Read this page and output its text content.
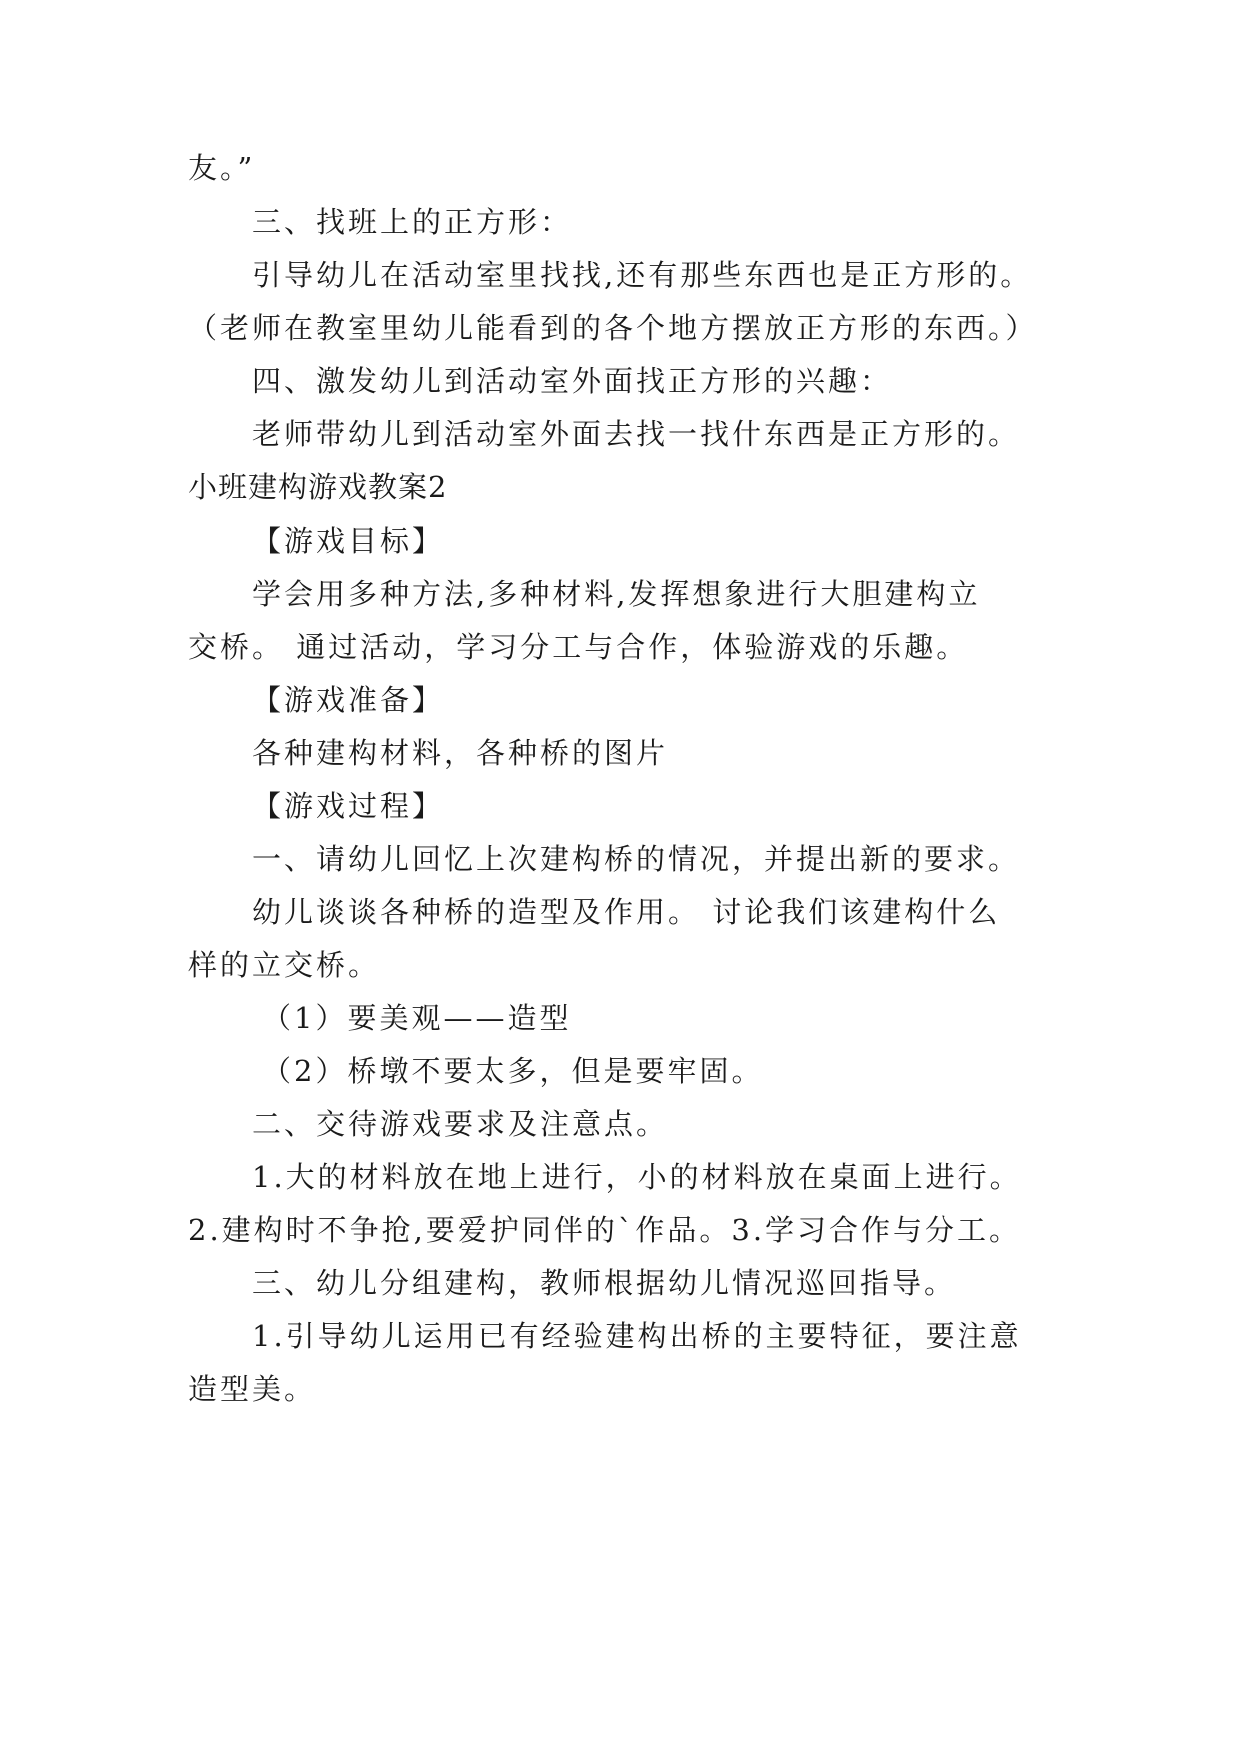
友。”
三、找班上的正方形：
引导幼儿在活动室里找找,还有那些东西也是正方形的。
（老师在教室里幼儿能看到的各个地方摆放正方形的东西。）
四、激发幼儿到活动室外面找正方形的兴趣：
老师带幼儿到活动室外面去找一找什东西是正方形的。
小班建构游戏教案2
【游戏目标】
学会用多种方法,多种材料,发挥想象进行大胆建构立
交桥。 通过活动，学习分工与合作，体验游戏的乐趣。
【游戏准备】
各种建构材料，各种桥的图片
【游戏过程】
一、请幼儿回忆上次建构桥的情况，并提出新的要求。
幼儿谈谈各种桥的造型及作用。 讨论我们该建构什么
样的立交桥。
（1）要美观——造型
（2）桥墩不要太多，但是要牢固。
二、交待游戏要求及注意点。
1.大的材料放在地上进行，小的材料放在桌面上进行。
2.建构时不争抢,要爱护同伴的`作品。3.学习合作与分工。
三、幼儿分组建构，教师根据幼儿情况巡回指导。
1.引导幼儿运用已有经验建构出桥的主要特征，要注意
造型美。
